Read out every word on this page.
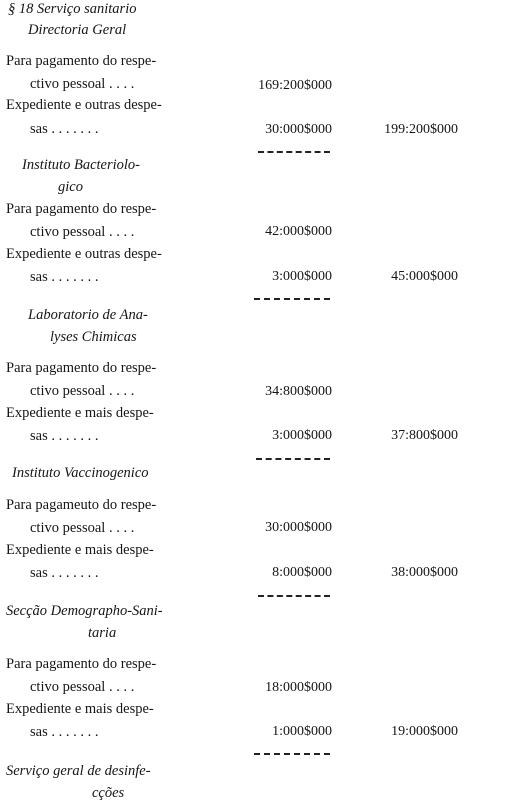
§ 18 Serviço sanitario
Directoria Geral
Para pagamento do respe-
ctivo pessoal . . . .	169:200$000
Expediente e outras despe-
sas . . . . . . .	30:000$000	199:200$000
Instituto Bacteriolo-
gico
Para pagamento do respe-
ctivo pessoal . . . .	42:000$000
Expediente e outras despe-
sas . . . . . . .	3:000$000	45:000$000
Laboratorio de Ana-
lyses Chimicas
Para pagamento do respe-
ctivo pessoal . . . .	34:800$000
Expediente e mais despe-
sas . . . . . . .	3:000$000	37:800$000
Instituto Vaccinogenico
Para pagameuto do respe-
ctivo pessoal . . . .	30:000$000
Expediente e mais despe-
sas . . . . . . .	8:000$000	38:000$000
Secção Demographo-Sani-
taria
Para pagamento do respe-
ctivo pessoal . . . .	18:000$000
Expediente e mais despe-
sas . . . . . . .	1:000$000	19:000$000
Serviço geral de desinfe-
cções
